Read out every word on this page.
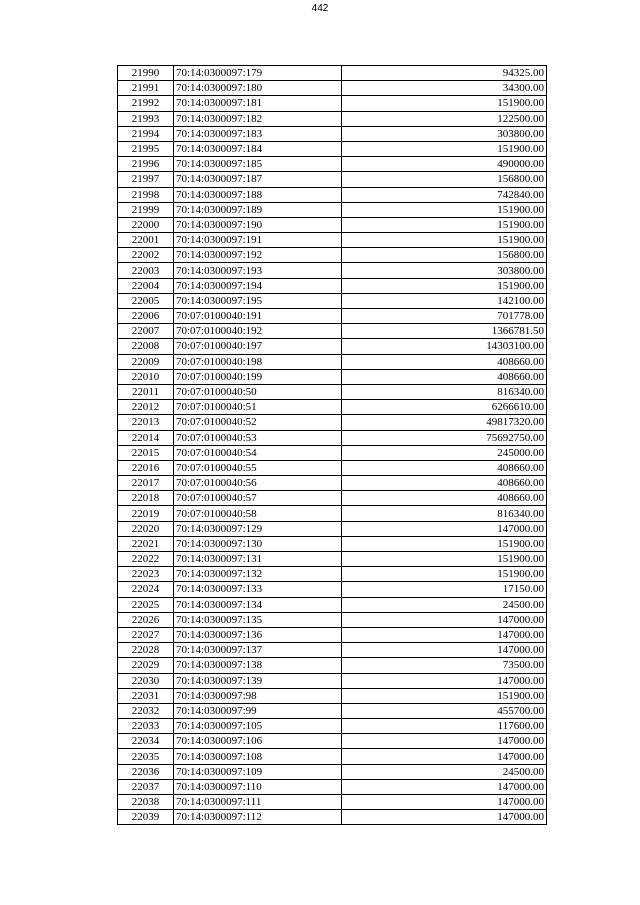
442
21990	70:14:0300097:179	94325.00
21991	70:14:0300097:180	34300.00
21992	70:14:0300097:181	151900.00
21993	70:14:0300097:182	122500.00
21994	70:14:0300097:183	303800.00
21995	70:14:0300097:184	151900.00
21996	70:14:0300097:185	490000.00
21997	70:14:0300097:187	156800.00
21998	70:14:0300097:188	742840.00
21999	70:14:0300097:189	151900.00
22000	70:14:0300097:190	151900.00
22001	70:14:0300097:191	151900.00
22002	70:14:0300097:192	156800.00
22003	70:14:0300097:193	303800.00
22004	70:14:0300097:194	151900.00
22005	70:14:0300097:195	142100.00
22006	70:07:0100040:191	701778.00
22007	70:07:0100040:192	1366781.50
22008	70:07:0100040:197	14303100.00
22009	70:07:0100040:198	408660.00
22010	70:07:0100040:199	408660.00
22011	70:07:0100040:50	816340.00
22012	70:07:0100040:51	6266610.00
22013	70:07:0100040:52	49817320.00
22014	70:07:0100040:53	75692750.00
22015	70:07:0100040:54	245000.00
22016	70:07:0100040:55	408660.00
22017	70:07:0100040:56	408660.00
22018	70:07:0100040:57	408660.00
22019	70:07:0100040:58	816340.00
22020	70:14:0300097:129	147000.00
22021	70:14:0300097:130	151900.00
22022	70:14:0300097:131	151900.00
22023	70:14:0300097:132	151900.00
22024	70:14:0300097:133	17150.00
22025	70:14:0300097:134	24500.00
22026	70:14:0300097:135	147000.00
22027	70:14:0300097:136	147000.00
22028	70:14:0300097:137	147000.00
22029	70:14:0300097:138	73500.00
22030	70:14:0300097:139	147000.00
22031	70:14:0300097:98	151900.00
22032	70:14:0300097:99	455700.00
22033	70:14:0300097:105	117600.00
22034	70:14:0300097:106	147000.00
22035	70:14:0300097:108	147000.00
22036	70:14:0300097:109	24500.00
22037	70:14:0300097:110	147000.00
22038	70:14:0300097:111	147000.00
22039	70:14:0300097:112	147000.00
